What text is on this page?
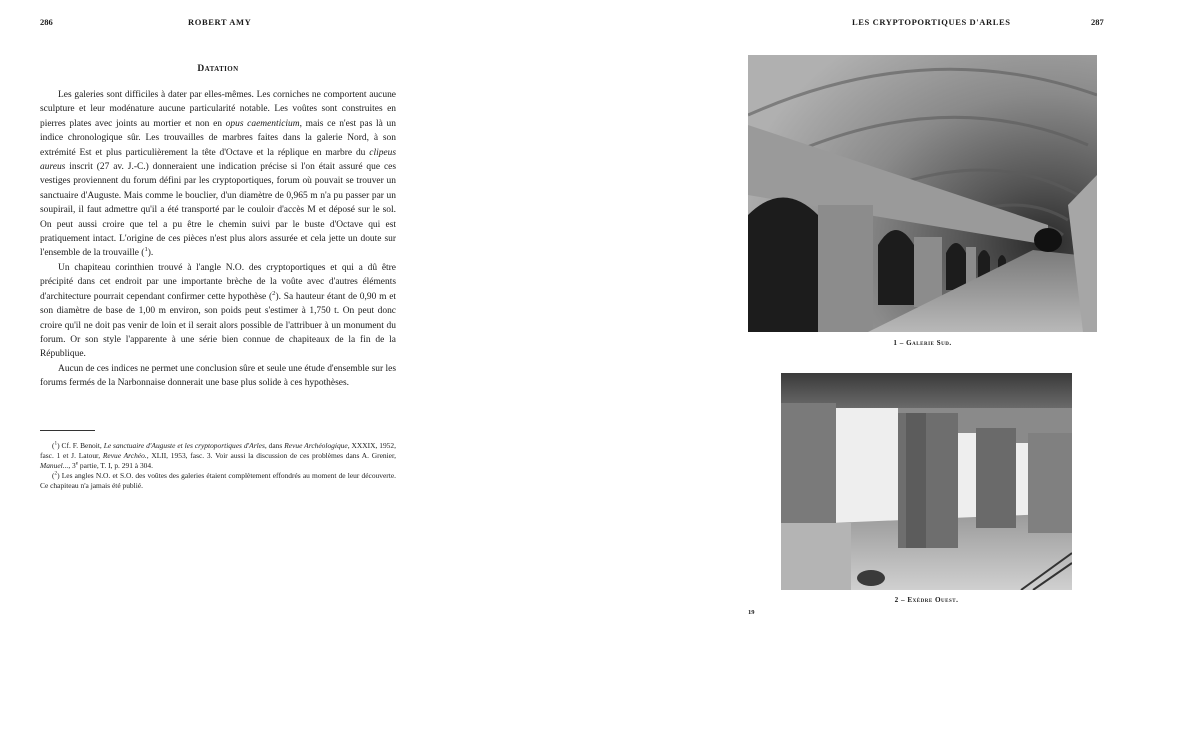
286	ROBERT AMY
Datation

Les galeries sont difficiles à dater par elles-mêmes. Les corniches ne comportent aucune sculpture et leur modénature aucune particularité notable. Les voûtes sont construites en pierres plates avec joints au mortier et non en opus caementicium, mais ce n'est pas là un indice chronologique sûr. Les trouvailles de marbres faites dans la galerie Nord, à son extrémité Est et plus particulièrement la tête d'Octave et la réplique en marbre du clipeus aureus inscrit (27 av. J.-C.) donneraient une indication précise si l'on était assuré que ces vestiges proviennent du forum défini par les cryptoportiques, forum où pouvait se trouver un sanctuaire d'Auguste. Mais comme le bouclier, d'un diamètre de 0,965 m n'a pu passer par un soupirail, il faut admettre qu'il a été transporté par le couloir d'accès M et déposé sur le sol. On peut aussi croire que tel a pu être le chemin suivi par le buste d'Octave qui est pratiquement intact. L'origine de ces pièces n'est plus alors assurée et cela jette un doute sur l'ensemble de la trouvaille ($^1$).

Un chapiteau corinthien trouvé à l'angle N.O. des cryptoportiques et qui a dû être précipité dans cet endroit par une importante brèche de la voûte avec d'autres éléments d'architecture pourrait cependant confirmer cette hypothèse ($^2$). Sa hauteur étant de 0,90 m et son diamètre de base de 1,00 m environ, son poids peut s'estimer à 1,750 t. On peut donc croire qu'il ne doit pas venir de loin et il serait alors possible de l'attribuer à un monument du forum. Or son style l'apparente à une série bien connue de chapiteaux de la fin de la République.

Aucun de ces indices ne permet une conclusion sûre et seule une étude d'ensemble sur les forums fermés de la Narbonnaise donnerait une base plus solide à ces hypothèses.

($^1$) Cf. F. Benoit, Le sanctuaire d'Auguste et les cryptoportiques d'Arles, dans Revue Archéologique, XXXIX, 1952, fasc. 1 et J. Latour, Revue Archéo., XLII, 1953, fasc. 3. Voir aussi la discussion de ces problèmes dans A. Grenier, Manuel..., 3e partie, T. I, p. 291 à 304.

($^2$) Les angles N.O. et S.O. des voûtes des galeries étaient complètement effondrés au moment de leur découverte. Ce chapiteau n'a jamais été publié.

LES CRYPTOPORTIQUES D'ARLES	287
1 – Galerie Sud.
2 – Exèdre Ouest.
19
